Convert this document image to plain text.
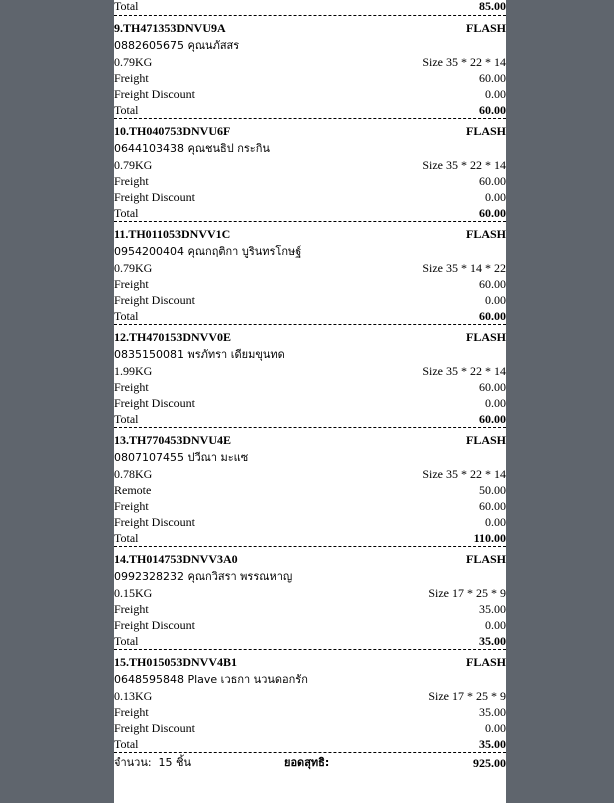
Total	85.00
9.TH471353DNVU9A	FLASH
0882605675 คุณนภัสสร
0.79KG	Size 35 * 22 * 14
Freight	60.00
Freight Discount	0.00
Total	60.00
10.TH040753DNVU6F	FLASH
0644103438 คุณชนธิป กระกิน
0.79KG	Size 35 * 22 * 14
Freight	60.00
Freight Discount	0.00
Total	60.00
11.TH011053DNVV1C	FLASH
0954200404 คุณกฤติกา บูรินทรโกษฐ์
0.79KG	Size 35 * 14 * 22
Freight	60.00
Freight Discount	0.00
Total	60.00
12.TH470153DNVV0E	FLASH
0835150081 พรภัทรา เดียมขุนทด
1.99KG	Size 35 * 22 * 14
Freight	60.00
Freight Discount	0.00
Total	60.00
13.TH770453DNVU4E	FLASH
0807107455 ปวีณา มะแซ
0.78KG	Size 35 * 22 * 14
Remote	50.00
Freight	60.00
Freight Discount	0.00
Total	110.00
14.TH014753DNVV3A0	FLASH
0992328232 คุณกวิสรา พรรณหาญ
0.15KG	Size 17 * 25 * 9
Freight	35.00
Freight Discount	0.00
Total	35.00
15.TH015053DNVV4B1	FLASH
0648595848 Plave เวธกา นวนดอกรัก
0.13KG	Size 17 * 25 * 9
Freight	35.00
Freight Discount	0.00
Total	35.00
จำนวน: 15 ชิ้น	ยอดสุทธิ:	925.00
